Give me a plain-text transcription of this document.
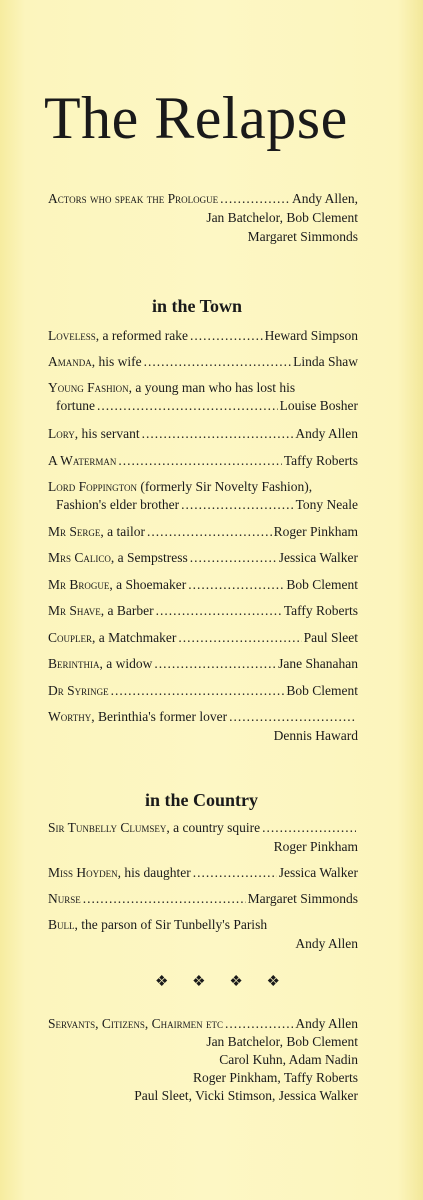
The Relapse
Actors who speak the Prologue .....	Andy Allen,
Jan Batchelor, Bob Clement
Margaret Simmonds
in the Town
Loveless, a reformed rake .....	Heward Simpson
Amanda, his wife .....	Linda Shaw
Young Fashion, a young man who has lost his
fortune .....	Louise Bosher
Lory, his servant .....	Andy Allen
A Waterman .....	Taffy Roberts
Lord Foppington (formerly Sir Novelty Fashion),
Fashion's elder brother .....	Tony Neale
Mr Serge, a tailor .....	Roger Pinkham
Mrs Calico, a Sempstress .....	Jessica Walker
Mr Brogue, a Shoemaker .....	Bob Clement
Mr Shave, a Barber .....	Taffy Roberts
Coupler, a Matchmaker .....	Paul Sleet
Berinthia, a widow .....	Jane Shanahan
Dr Syringe .....	Bob Clement
Worthy, Berinthia's former lover
.....
Dennis Haward
in the Country
Sir Tunbelly Clumsey, a country squire
.....
Roger Pinkham
Miss Hoyden, his daughter .....	Jessica Walker
Nurse .....	Margaret Simmonds
Bull, the parson of Sir Tunbelly's Parish
Andy Allen
❖ ❖ ❖ ❖
Servants, Citizens, Chairmen etc .....	Andy Allen
Jan Batchelor, Bob Clement
Carol Kuhn, Adam Nadin
Roger Pinkham, Taffy Roberts
Paul Sleet, Vicki Stimson, Jessica Walker
